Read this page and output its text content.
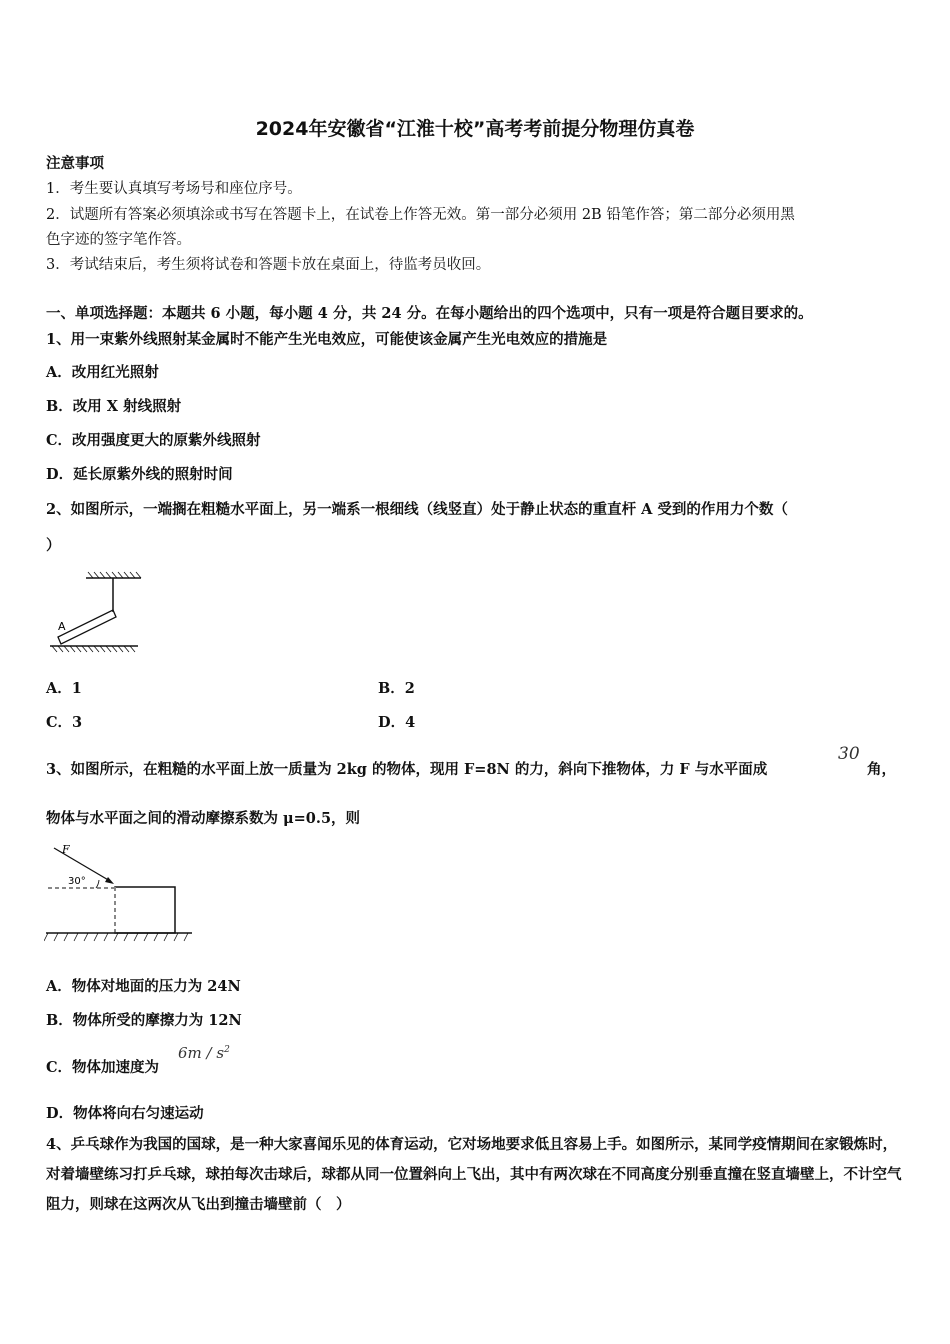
2024年安徽省“江淮十校”高考考前提分物理仿真卷
注意事项
1．考生要认真填写考场号和座位序号。
2．试题所有答案必须填涂或书写在答题卡上，在试卷上作答无效。第一部分必须用 2B 铅笔作答；第二部分必须用黑
色字迹的签字笔作答。
3．考试结束后，考生须将试卷和答题卡放在桌面上，待监考员收回。
一、单项选择题：本题共 6 小题，每小题 4 分，共 24 分。在每小题给出的四个选项中，只有一项是符合题目要求的。
1、用一束紫外线照射某金属时不能产生光电效应，可能使该金属产生光电效应的措施是
A．改用红光照射
B．改用 X 射线照射
C．改用强度更大的原紫外线照射
D．延长原紫外线的照射时间
2、如图所示，一端搁在粗糙水平面上，另一端系一根细线（线竖直）处于静止状态的重直杆 A 受到的作用力个数（
）
A
A．1	B．2
C．3	D．4
3、如图所示，在粗糙的水平面上放一质量为 2kg 的物体，现用 F=8N 的力，斜向下推物体，力 F 与水平面成
30
角，
物体与水平面之间的滑动摩擦系数为 μ=0.5，则
F
30°
A．物体对地面的压力为 24N
B．物体所受的摩擦力为 12N
C．物体加速度为
$6m / s^2$
D．物体将向右匀速运动
4、乒乓球作为我国的国球，是一种大家喜闻乐见的体育运动，它对场地要求低且容易上手。如图所示，某同学疫情期间在家锻炼时，对着墙壁练习打乒乓球，球拍每次击球后，球都从同一位置斜向上飞出，其中有两次球在不同高度分别垂直撞在竖直墙壁上，不计空气阻力，则球在这两次从飞出到撞击墙壁前（　）
